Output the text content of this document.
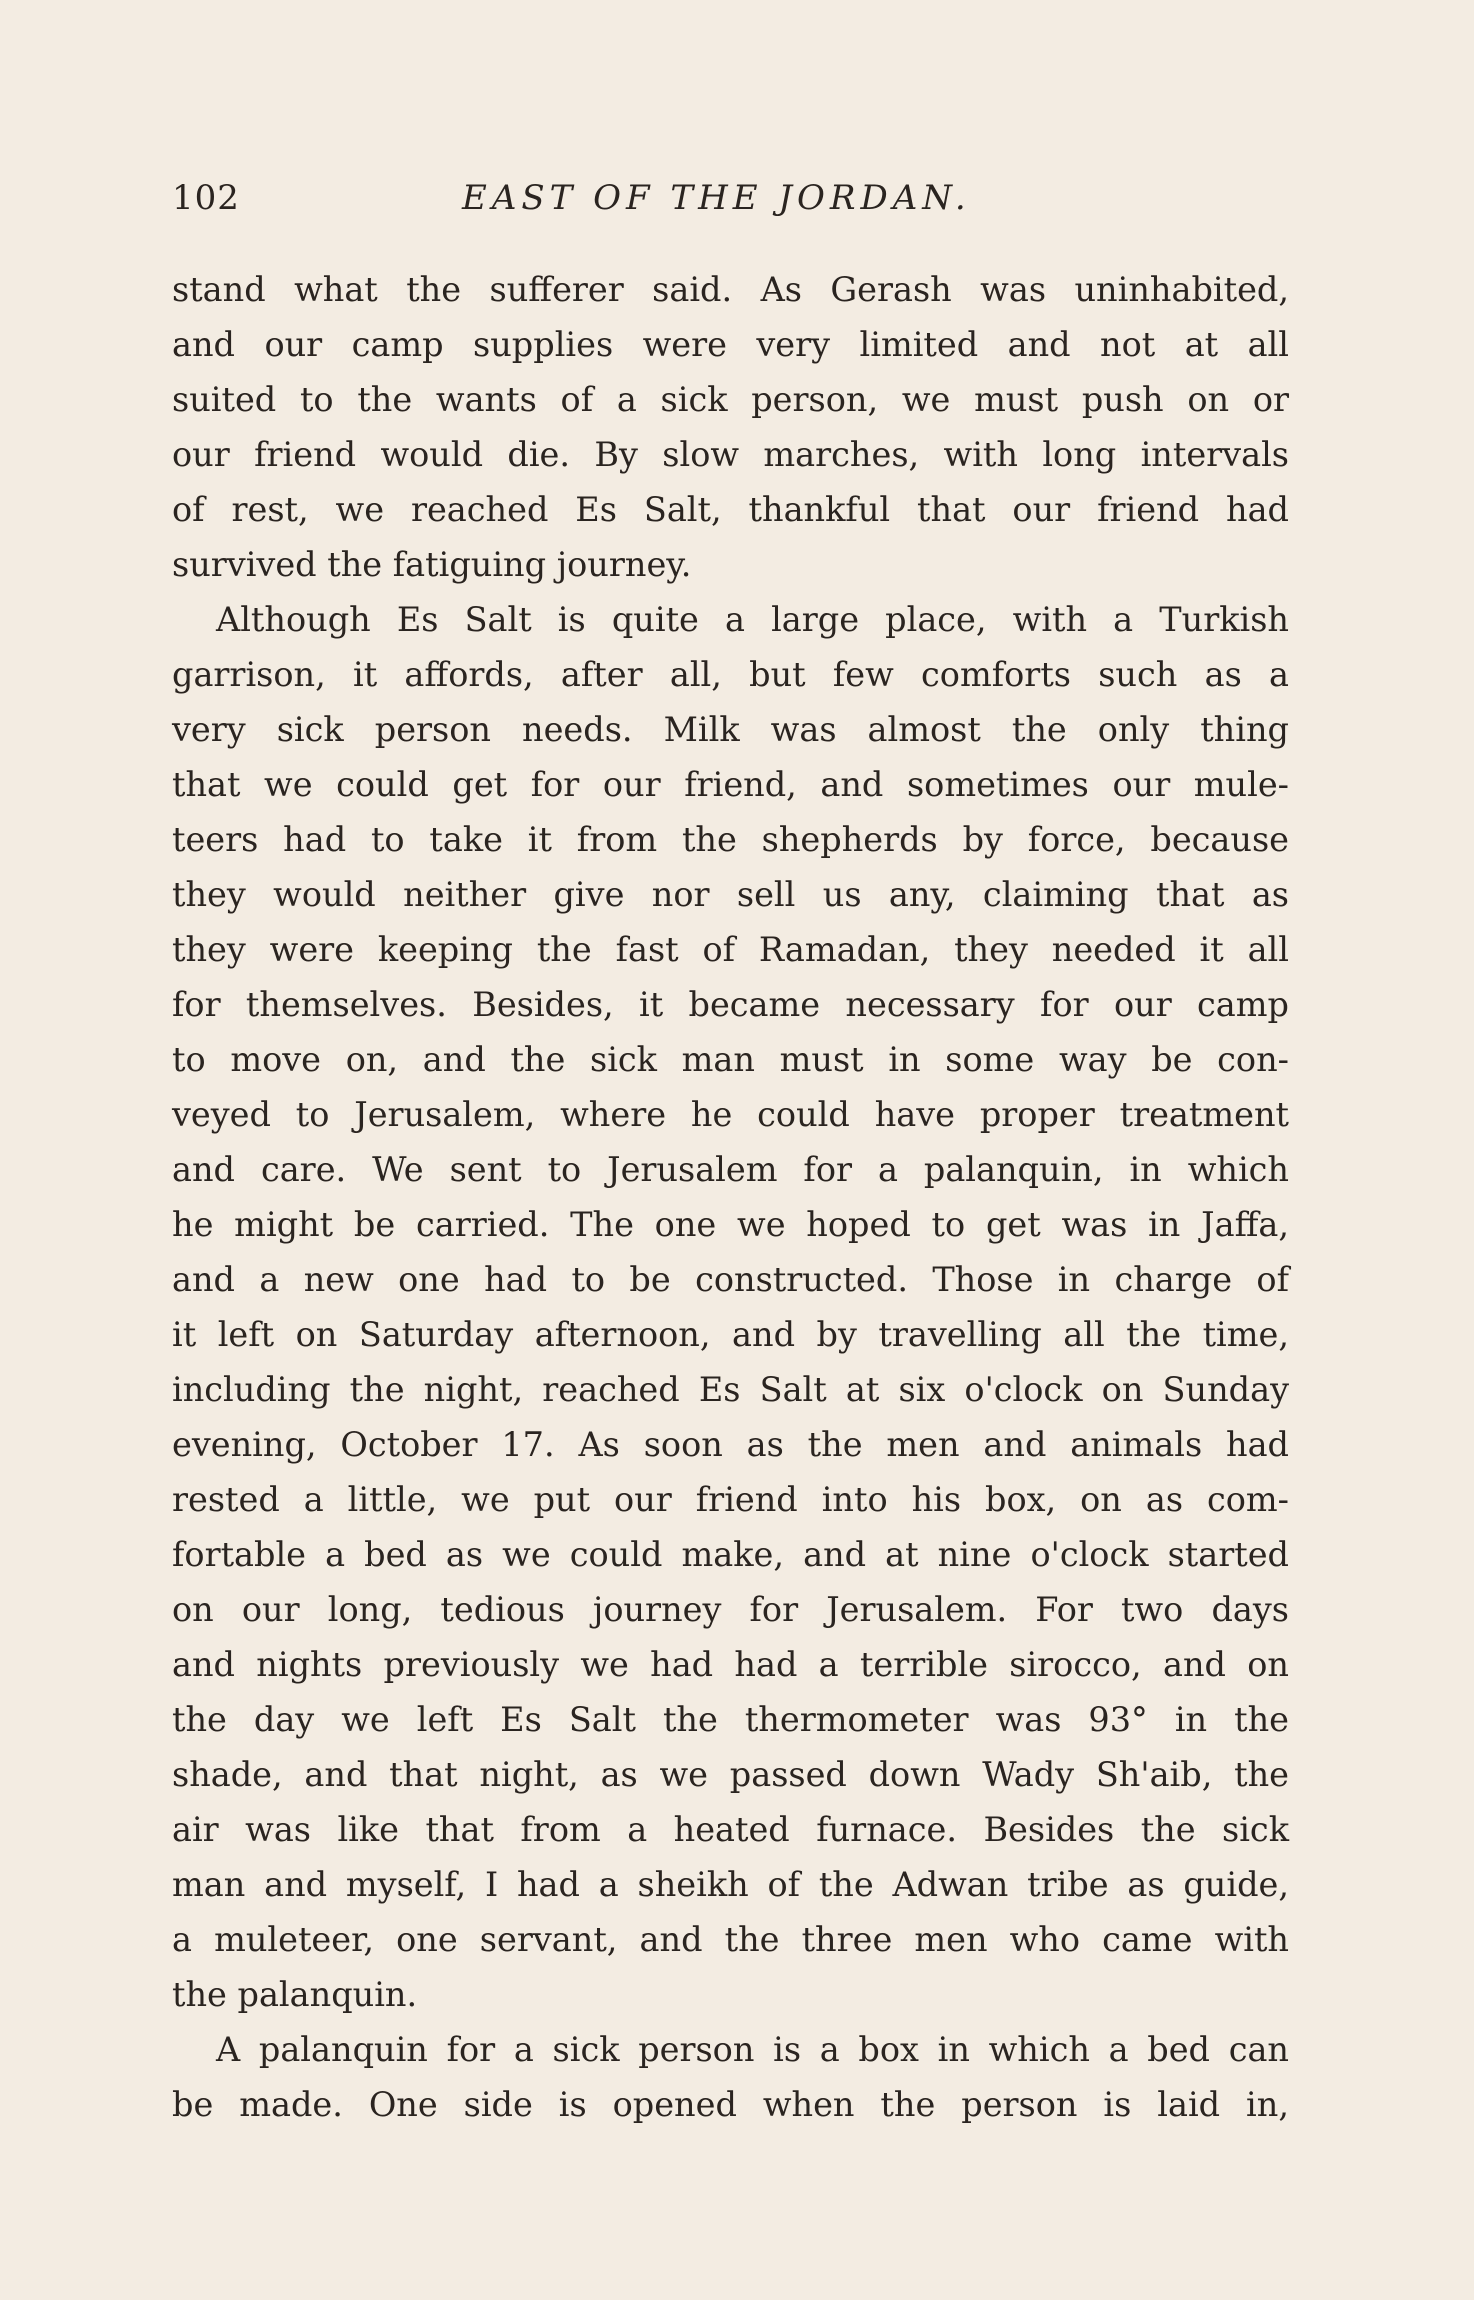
102	EAST OF THE JORDAN.
stand what the sufferer said. As Gerash was uninhabited,
and our camp supplies were very limited and not at all
suited to the wants of a sick person, we must push on or
our friend would die. By slow marches, with long intervals
of rest, we reached Es Salt, thankful that our friend had
survived the fatiguing journey.
Although Es Salt is quite a large place, with a Turkish
garrison, it affords, after all, but few comforts such as a
very sick person needs. Milk was almost the only thing
that we could get for our friend, and sometimes our mule-
teers had to take it from the shepherds by force, because
they would neither give nor sell us any, claiming that as
they were keeping the fast of Ramadan, they needed it all
for themselves. Besides, it became necessary for our camp
to move on, and the sick man must in some way be con-
veyed to Jerusalem, where he could have proper treatment
and care. We sent to Jerusalem for a palanquin, in which
he might be carried. The one we hoped to get was in Jaffa,
and a new one had to be constructed. Those in charge of
it left on Saturday afternoon, and by travelling all the time,
including the night, reached Es Salt at six o'clock on Sunday
evening, October 17. As soon as the men and animals had
rested a little, we put our friend into his box, on as com-
fortable a bed as we could make, and at nine o'clock started
on our long, tedious journey for Jerusalem. For two days
and nights previously we had had a terrible sirocco, and on
the day we left Es Salt the thermometer was 93° in the
shade, and that night, as we passed down Wady Sh'aib, the
air was like that from a heated furnace. Besides the sick
man and myself, I had a sheikh of the Adwan tribe as guide,
a muleteer, one servant, and the three men who came with
the palanquin.
A palanquin for a sick person is a box in which a bed can
be made. One side is opened when the person is laid in,
